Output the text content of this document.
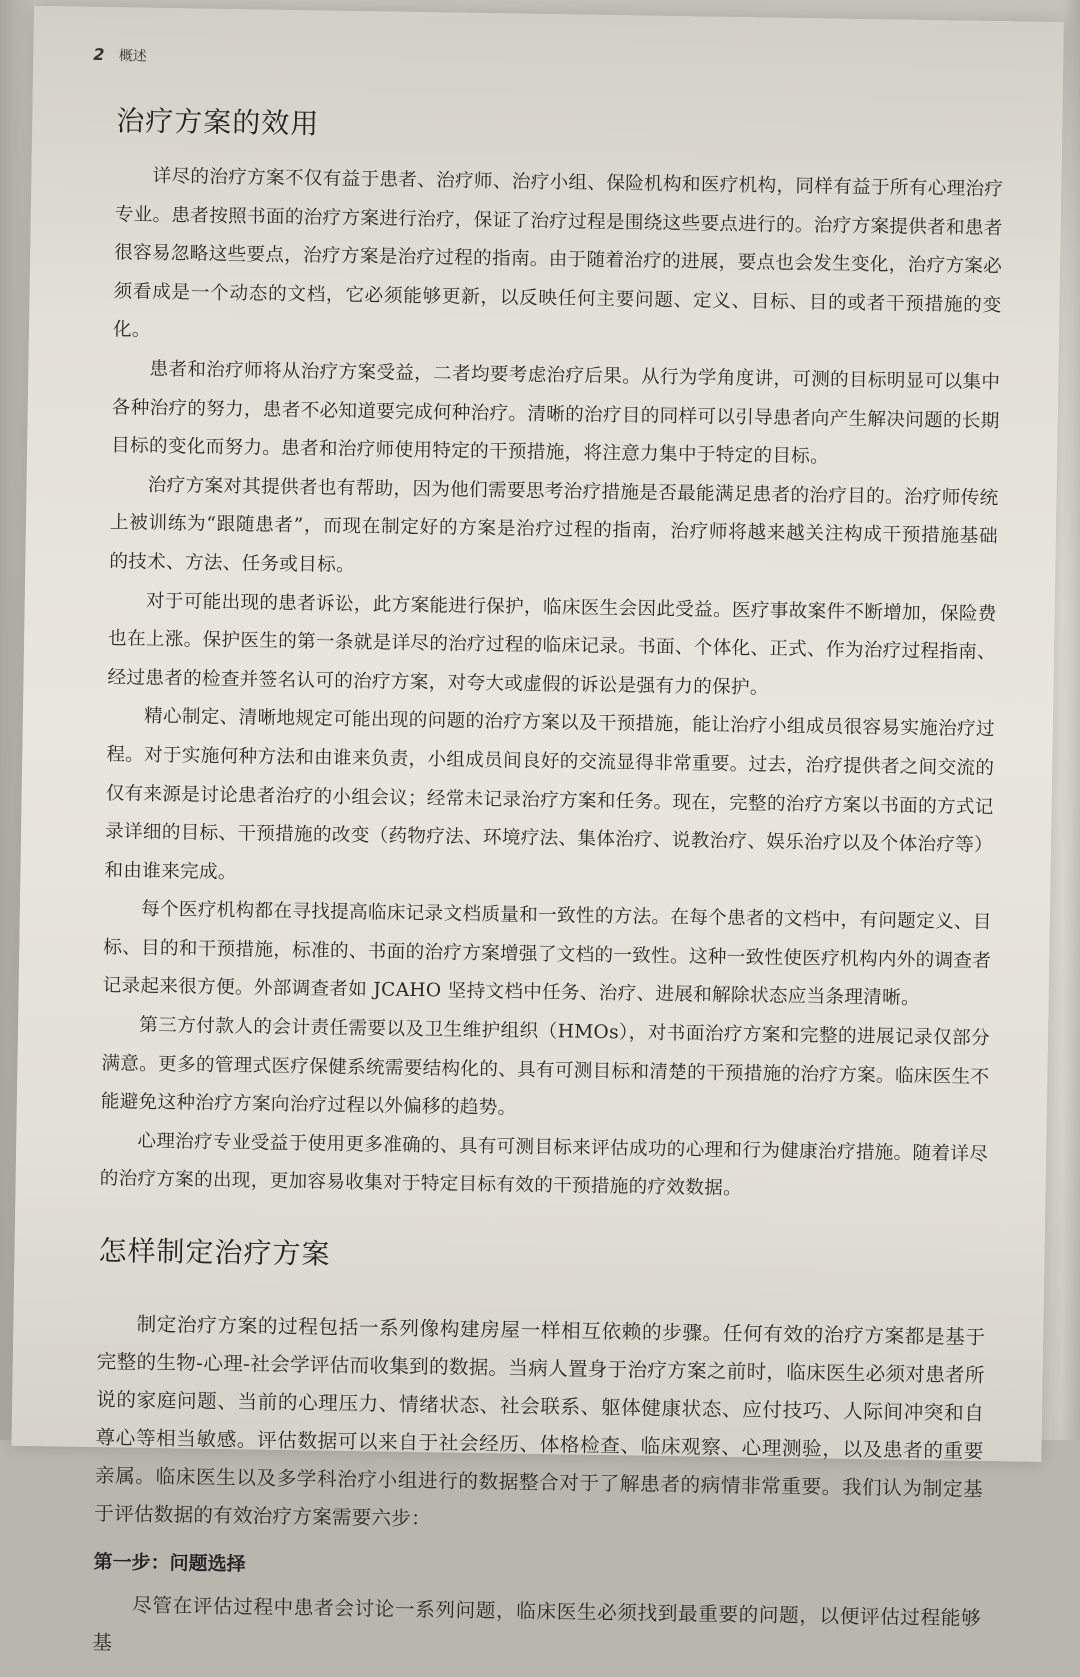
2 概述
治疗方案的效用

详尽的治疗方案不仅有益于患者、治疗师、治疗小组、保险机构和医疗机构，同样有益于所有心理治疗专业。患者按照书面的治疗方案进行治疗，保证了治疗过程是围绕这些要点进行的。治疗方案提供者和患者很容易忽略这些要点，治疗方案是治疗过程的指南。由于随着治疗的进展，要点也会发生变化，治疗方案必须看成是一个动态的文档，它必须能够更新，以反映任何主要问题、定义、目标、目的或者干预措施的变化。

患者和治疗师将从治疗方案受益，二者均要考虑治疗后果。从行为学角度讲，可测的目标明显可以集中各种治疗的努力，患者不必知道要完成何种治疗。清晰的治疗目的同样可以引导患者向产生解决问题的长期目标的变化而努力。患者和治疗师使用特定的干预措施，将注意力集中于特定的目标。

治疗方案对其提供者也有帮助，因为他们需要思考治疗措施是否最能满足患者的治疗目的。治疗师传统上被训练为“跟随患者”，而现在制定好的方案是治疗过程的指南，治疗师将越来越关注构成干预措施基础的技术、方法、任务或目标。

对于可能出现的患者诉讼，此方案能进行保护，临床医生会因此受益。医疗事故案件不断增加，保险费也在上涨。保护医生的第一条就是详尽的治疗过程的临床记录。书面、个体化、正式、作为治疗过程指南、经过患者的检查并签名认可的治疗方案，对夸大或虚假的诉讼是强有力的保护。

精心制定、清晰地规定可能出现的问题的治疗方案以及干预措施，能让治疗小组成员很容易实施治疗过程。对于实施何种方法和由谁来负责，小组成员间良好的交流显得非常重要。过去，治疗提供者之间交流的仅有来源是讨论患者治疗的小组会议；经常未记录治疗方案和任务。现在，完整的治疗方案以书面的方式记录详细的目标、干预措施的改变（药物疗法、环境疗法、集体治疗、说教治疗、娱乐治疗以及个体治疗等）和由谁来完成。

每个医疗机构都在寻找提高临床记录文档质量和一致性的方法。在每个患者的文档中，有问题定义、目标、目的和干预措施，标准的、书面的治疗方案增强了文档的一致性。这种一致性使医疗机构内外的调查者记录起来很方便。外部调查者如 JCAHO 坚持文档中任务、治疗、进展和解除状态应当条理清晰。

第三方付款人的会计责任需要以及卫生维护组织（HMOs），对书面治疗方案和完整的进展记录仅部分满意。更多的管理式医疗保健系统需要结构化的、具有可测目标和清楚的干预措施的治疗方案。临床医生不能避免这种治疗方案向治疗过程以外偏移的趋势。

心理治疗专业受益于使用更多准确的、具有可测目标来评估成功的心理和行为健康治疗措施。随着详尽的治疗方案的出现，更加容易收集对于特定目标有效的干预措施的疗效数据。

怎样制定治疗方案

制定治疗方案的过程包括一系列像构建房屋一样相互依赖的步骤。任何有效的治疗方案都是基于完整的生物-心理-社会学评估而收集到的数据。当病人置身于治疗方案之前时，临床医生必须对患者所说的家庭问题、当前的心理压力、情绪状态、社会联系、躯体健康状态、应付技巧、人际间冲突和自尊心等相当敏感。评估数据可以来自于社会经历、体格检查、临床观察、心理测验，以及患者的重要亲属。临床医生以及多学科治疗小组进行的数据整合对于了解患者的病情非常重要。我们认为制定基于评估数据的有效治疗方案需要六步：

第一步：问题选择

尽管在评估过程中患者会讨论一系列问题，临床医生必须找到最重要的问题，以便评估过程能够基
